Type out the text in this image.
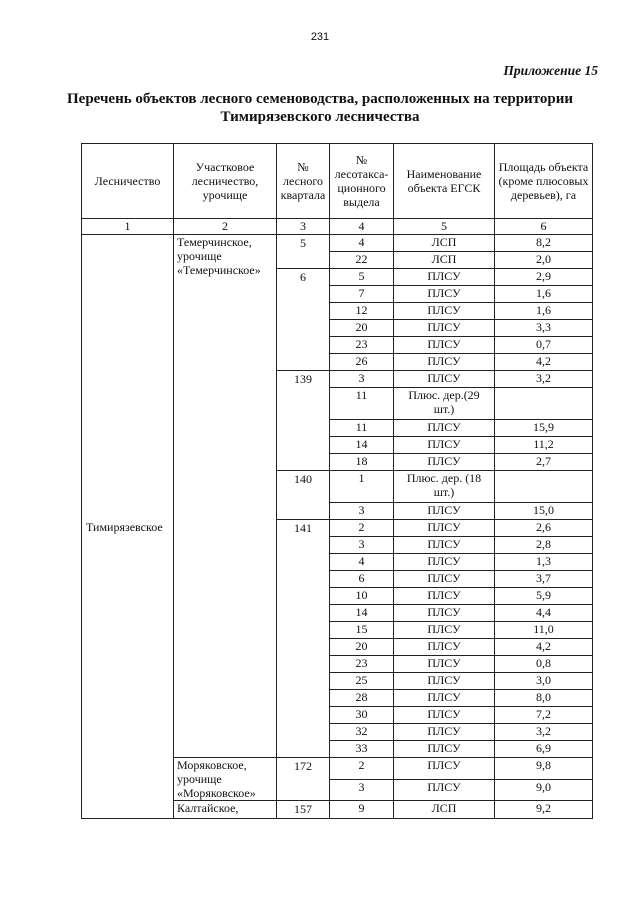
231
Приложение 15
Перечень объектов лесного семеноводства, расположенных на территории Тимирязевского лесничества
Лесничество	Участковое лесничество, урочище	№ лесного квартала	№ лесотакса-ционного выдела	Наименование объекта ЕГСК	Площадь объекта (кроме плюсовых деревьев), га
1	2	3	4	5	6
Тимирязевское	Темерчинское, урочище «Темерчинское»	5	4	ЛСП	8,2
			22	ЛСП	2,0
		6	5	ПЛСУ	2,9
			7	ПЛСУ	1,6
			12	ПЛСУ	1,6
			20	ПЛСУ	3,3
			23	ПЛСУ	0,7
			26	ПЛСУ	4,2
		139	3	ПЛСУ	3,2
			11	Плюс. дер.(29 шт.)	
			11	ПЛСУ	15,9
			14	ПЛСУ	11,2
			18	ПЛСУ	2,7
		140	1	Плюс. дер. (18 шт.)	
			3	ПЛСУ	15,0
		141	2	ПЛСУ	2,6
			3	ПЛСУ	2,8
			4	ПЛСУ	1,3
			6	ПЛСУ	3,7
			10	ПЛСУ	5,9
			14	ПЛСУ	4,4
			15	ПЛСУ	11,0
			20	ПЛСУ	4,2
			23	ПЛСУ	0,8
			25	ПЛСУ	3,0
			28	ПЛСУ	8,0
			30	ПЛСУ	7,2
			32	ПЛСУ	3,2
			33	ПЛСУ	6,9
	Моряковское, урочище «Моряковское»	172	2	ПЛСУ	9,8
			3	ПЛСУ	9,0
	Калтайское,	157	9	ЛСП	9,2
